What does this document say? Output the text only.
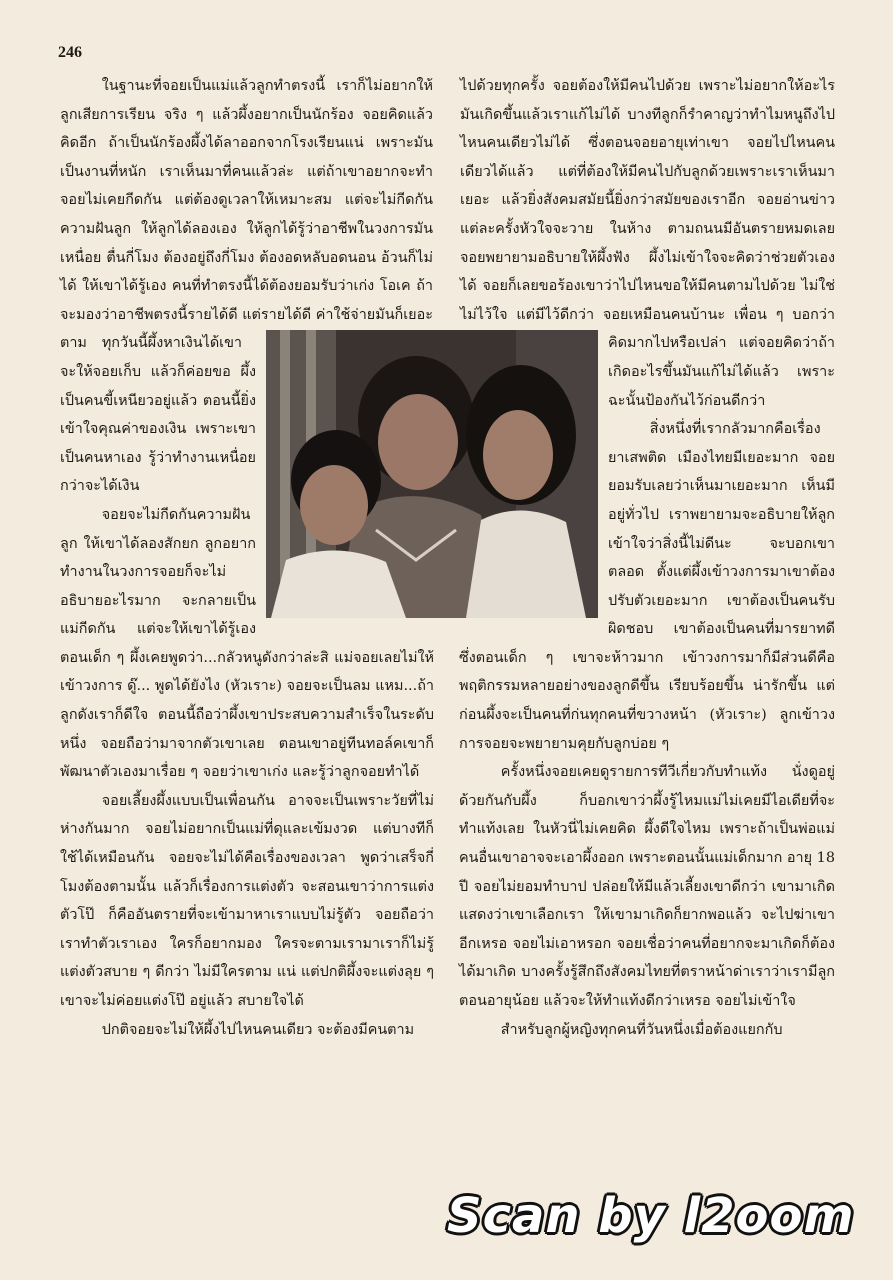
246

ในฐานะที่จอยเป็นแม่แล้วลูกทำตรงนี้ เราก็ไม่อยากให้ลูกเสียการเรียน จริง ๆ แล้วผึ้งอยากเป็นนักร้อง จอยคิดแล้วคิดอีก ถ้าเป็นนักร้องผึ้งได้ลาออกจากโรงเรียนแน่ เพราะมันเป็นงานที่หนัก เราเห็นมาที่คนแล้วล่ะ แต่ถ้าเขาอยากจะทำจอยไม่เคยกีดกัน แต่ต้องดูเวลาให้เหมาะสม แต่จะไม่กีดกันความฝันลูก ให้ลูกได้ลองเอง ให้ลูกได้รู้ว่าอาชีพในวงการมันเหนื่อย ตื่นกี่โมง ต้องอยู่ถึงกี่โมง ต้องอดหลับอดนอน อ้วนก็ไม่ได้ ให้เขาได้รู้เอง คนที่ทำตรงนี้ได้ต้องยอมรับว่าเก่ง โอเค ถ้าจะมองว่าอาชีพตรงนี้รายได้ดี แต่รายได้ดี ค่าใช้จ่ายมันก็เยอะตาม ทุกวันนี้ผึ้งหาเงินได้เขาจะให้จอยเก็บ แล้วก็ค่อยขอ ผึ้งเป็นคนขี้เหนียวอยู่แล้ว ตอนนี้ยิ่งเข้าใจคุณค่าของเงิน เพราะเขาเป็นคนหาเอง รู้ว่าทำงานเหนื่อยกว่าจะได้เงิน

จอยจะไม่กีดกันความฝันลูก ให้เขาได้ลองสักยก ลูกอยากทำงานในวงการจอยก็จะไม่อธิบายอะไรมาก จะกลายเป็นแม่กีดกัน แต่จะให้เขาได้รู้เอง ตอนเด็ก ๆ ผึ้งเคยพูดว่า...กลัวหนูดังกว่าล่ะสิ แม่จอยเลยไม่ให้เข้าวงการ ดู๊... พูดได้ยังไง (หัวเราะ) จอยจะเป็นลม แหม...ถ้าลูกดังเราก็ดีใจ ตอนนี้ถือว่าผึ้งเขาประสบความสำเร็จในระดับหนึ่ง จอยถือว่ามาจากตัวเขาเลย ตอนเขาอยู่ทีนทอล์คเขาก็พัฒนาตัวเองมาเรื่อย ๆ จอยว่าเขาเก่ง และรู้ว่าลูกจอยทำได้

จอยเลี้ยงผึ้งแบบเป็นเพื่อนกัน อาจจะเป็นเพราะวัยที่ไม่ห่างกันมาก จอยไม่อยากเป็นแม่ที่ดุและเข้มงวด แต่บางทีก็ใช้ได้เหมือนกัน จอยจะไม่ได้คือเรื่องของเวลา พูดว่าเสร็จกี่โมงต้องตามนั้น แล้วก็เรื่องการแต่งตัว จะสอนเขาว่าการแต่งตัวโป๊ ก็คืออันตรายที่จะเข้ามาหาเราแบบไม่รู้ตัว จอยถือว่าเราทำตัวเราเอง ใครก็อยากมอง ใครจะตามเรามาเราก็ไม่รู้ แต่งตัวสบาย ๆ ดีกว่า ไม่มีใครตาม แน่ แต่ปกติผึ้งจะแต่งลุย ๆ เขาจะไม่ค่อยแต่งโป๊ อยู่แล้ว สบายใจได้

ปกติจอยจะไม่ให้ผึ้งไปไหนคนเดียว จะต้องมีคนตาม

ไปด้วยทุกครั้ง จอยต้องให้มีคนไปด้วย เพราะไม่อยากให้อะไรมันเกิดขึ้นแล้วเราแก้ไม่ได้ บางทีลูกก็รำคาญว่าทำไมหนูถึงไปไหนคนเดียวไม่ได้ ซึ่งตอนจอยอายุเท่าเขา จอยไปไหนคนเดียวได้แล้ว แต่ที่ต้องให้มีคนไปกับลูกด้วยเพราะเราเห็นมาเยอะ แล้วยิ่งสังคมสมัยนี้ยิ่งกว่าสมัยของเราอีก จอยอ่านข่าวแต่ละครั้งหัวใจจะวาย ในห้าง ตามถนนมีอันตรายหมดเลย จอยพยายามอธิบายให้ผึ้งฟัง ผึ้งไม่เข้าใจจะคิดว่าช่วยตัวเองได้ จอยก็เลยขอร้องเขาว่าไปไหนขอให้มีคนตามไปด้วย ไม่ใช่ไม่ไว้ใจ แต่มีไว้ดีกว่า จอยเหมือนคนบ้านะ เพื่อน ๆ บอกว่าคิดมากไปหรือเปล่า แต่จอยคิดว่าถ้าเกิดอะไรขึ้นมันแก้ไม่ได้แล้ว เพราะฉะนั้นป้องกันไว้ก่อนดีกว่า

สิ่งหนึ่งที่เรากลัวมากคือเรื่องยาเสพติด เมืองไทยมีเยอะมาก จอยยอมรับเลยว่าเห็นมาเยอะมาก เห็นมีอยู่ทั่วไป เราพยายามจะอธิบายให้ลูกเข้าใจว่าสิ่งนี้ไม่ดีนะ จะบอกเขาตลอด ตั้งแต่ผึ้งเข้าวงการมาเขาต้องปรับตัวเยอะมาก เขาต้องเป็นคนรับผิดชอบ เขาต้องเป็นคนที่มารยาทดี ซึ่งตอนเด็ก ๆ เขาจะห้าวมาก เข้าวงการมาก็มีส่วนดีคือพฤติกรรมหลายอย่างของลูกดีขึ้น เรียบร้อยขึ้น น่ารักขึ้น แต่ก่อนผึ้งจะเป็นคนที่ก่นทุกคนที่ขวางหน้า (หัวเราะ) ลูกเข้าวงการจอยจะพยายามคุยกับลูกบ่อย ๆ

ครั้งหนึ่งจอยเคยดูรายการทีวีเกี่ยวกับทำแท้ง นั่งดูอยู่ด้วยกันกับผึ้ง ก็บอกเขาว่าผึ้งรู้ไหมแม่ไม่เคยมีไอเดียที่จะทำแท้งเลย ในหัวนี่ไม่เคยคิด ผึ้งดีใจไหม เพราะถ้าเป็นพ่อแม่คนอื่นเขาอาจจะเอาผึ้งออก เพราะตอนนั้นแม่เด็กมาก อายุ 18 ปี จอยไม่ยอมทำบาป ปล่อยให้มีแล้วเลี้ยงเขาดีกว่า เขามาเกิดแสดงว่าเขาเลือกเรา ให้เขามาเกิดก็ยากพอแล้ว จะไปฆ่าเขาอีกเหรอ จอยไม่เอาหรอก จอยเชื่อว่าคนที่อยากจะมาเกิดก็ต้องได้มาเกิด บางครั้งรู้สึกถึงสังคมไทยที่ตราหน้าด่าเราว่าเรามีลูกตอนอายุน้อย แล้วจะให้ทำแท้งดีกว่าเหรอ จอยไม่เข้าใจ

สำหรับลูกผู้หญิงทุกคนที่วันหนึ่งเมื่อต้องแยกกับ

Scan by l2oom
